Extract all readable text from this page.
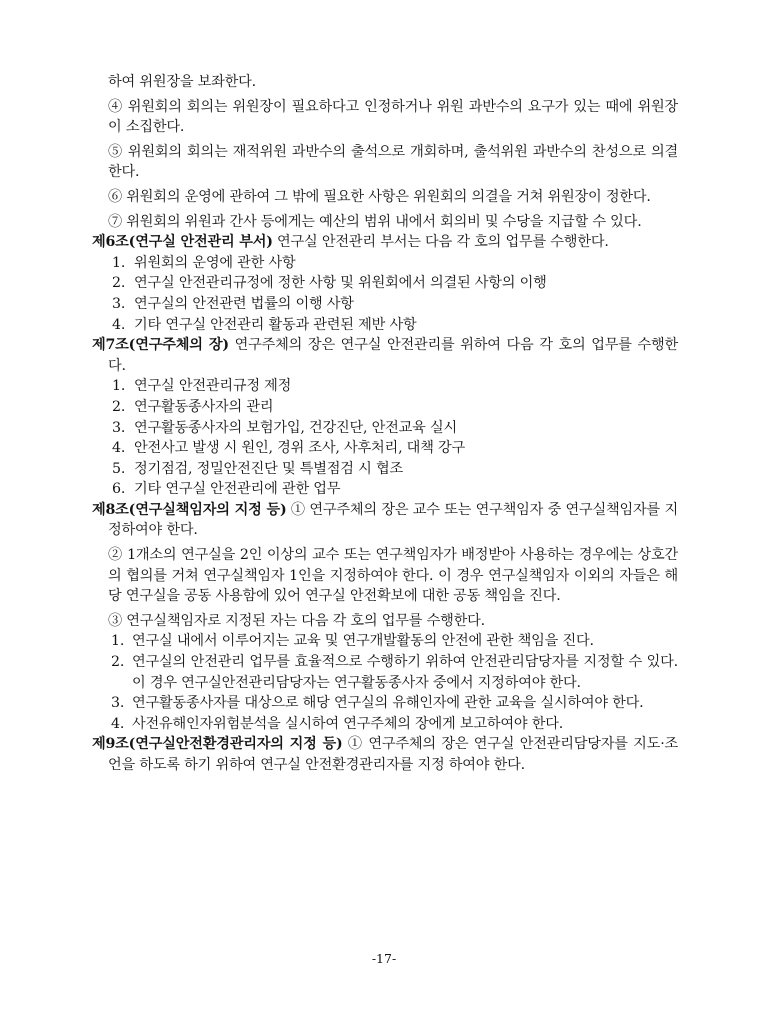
하여 위원장을 보좌한다.

④ 위원회의 회의는 위원장이 필요하다고 인정하거나 위원 과반수의 요구가 있는 때에 위원장이 소집한다.

⑤ 위원회의 회의는 재적위원 과반수의 출석으로 개회하며, 출석위원 과반수의 찬성으로 의결한다.

⑥ 위원회의 운영에 관하여 그 밖에 필요한 사항은 위원회의 의결을 거쳐 위원장이 정한다.

⑦ 위원회의 위원과 간사 등에게는 예산의 범위 내에서 회의비 및 수당을 지급할 수 있다.

제6조(연구실 안전관리 부서) 연구실 안전관리 부서는 다음 각 호의 업무를 수행한다.

1. 위원회의 운영에 관한 사항
2. 연구실 안전관리규정에 정한 사항 및 위원회에서 의결된 사항의 이행
3. 연구실의 안전관련 법률의 이행 사항
4. 기타 연구실 안전관리 활동과 관련된 제반 사항

제7조(연구주체의 장) 연구주체의 장은 연구실 안전관리를 위하여 다음 각 호의 업무를 수행한다.

1. 연구실 안전관리규정 제정
2. 연구활동종사자의 관리
3. 연구활동종사자의 보험가입, 건강진단, 안전교육 실시
4. 안전사고 발생 시 원인, 경위 조사, 사후처리, 대책 강구
5. 정기점검, 정밀안전진단 및 특별점검 시 협조
6. 기타 연구실 안전관리에 관한 업무

제8조(연구실책임자의 지정 등) ① 연구주체의 장은 교수 또는 연구책임자 중 연구실책임자를 지정하여야 한다.

② 1개소의 연구실을 2인 이상의 교수 또는 연구책임자가 배정받아 사용하는 경우에는 상호간의 협의를 거쳐 연구실책임자 1인을 지정하여야 한다. 이 경우 연구실책임자 이외의 자들은 해당 연구실을 공동 사용함에 있어 연구실 안전확보에 대한 공동 책임을 진다.

③ 연구실책임자로 지정된 자는 다음 각 호의 업무를 수행한다.

1. 연구실 내에서 이루어지는 교육 및 연구개발활동의 안전에 관한 책임을 진다.
2. 연구실의 안전관리 업무를 효율적으로 수행하기 위하여 안전관리담당자를 지정할 수 있다. 이 경우 연구실안전관리담당자는 연구활동종사자 중에서 지정하여야 한다.
3. 연구활동종사자를 대상으로 해당 연구실의 유해인자에 관한 교육을 실시하여야 한다.
4. 사전유해인자위험분석을 실시하여 연구주체의 장에게 보고하여야 한다.

제9조(연구실안전환경관리자의 지정 등) ① 연구주체의 장은 연구실 안전관리담당자를 지도·조언을 하도록 하기 위하여 연구실 안전환경관리자를 지정 하여야 한다.

-17-
